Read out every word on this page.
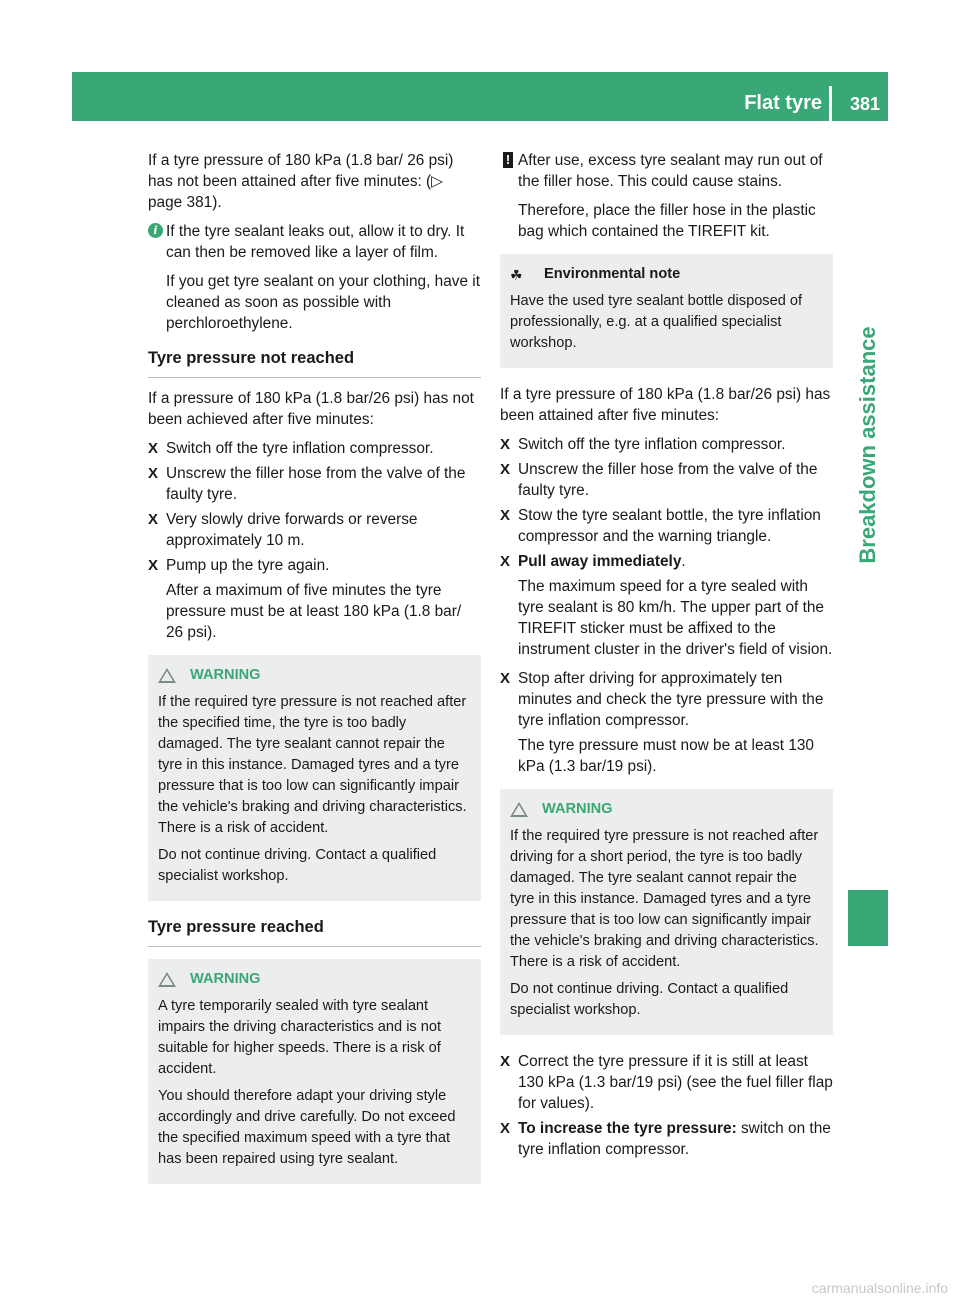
Flat tyre 381
Breakdown assistance

If a tyre pressure of 180 kPa (1.8 bar/ 26 psi) has not been attained after five minutes: (▷ page 381).

i If the tyre sealant leaks out, allow it to dry. It can then be removed like a layer of film.

If you get tyre sealant on your clothing, have it cleaned as soon as possible with perchloroethylene.

Tyre pressure not reached

If a pressure of 180 kPa (1.8 bar/26 psi) has not been achieved after five minutes:

X Switch off the tyre inflation compressor.
X Unscrew the filler hose from the valve of the faulty tyre.
X Very slowly drive forwards or reverse approximately 10 m.
X Pump up the tyre again.

After a maximum of five minutes the tyre pressure must be at least 180 kPa (1.8 bar/ 26 psi).

WARNING

If the required tyre pressure is not reached after the specified time, the tyre is too badly damaged. The tyre sealant cannot repair the tyre in this instance. Damaged tyres and a tyre pressure that is too low can significantly impair the vehicle's braking and driving characteristics. There is a risk of accident.

Do not continue driving. Contact a qualified specialist workshop.

Tyre pressure reached
WARNING

A tyre temporarily sealed with tyre sealant impairs the driving characteristics and is not suitable for higher speeds. There is a risk of accident.

You should therefore adapt your driving style accordingly and drive carefully. Do not exceed the specified maximum speed with a tyre that has been repaired using tyre sealant.

! After use, excess tyre sealant may run out of the filler hose. This could cause stains.

Therefore, place the filler hose in the plastic bag which contained the TIREFIT kit.

☘ Environmental note

Have the used tyre sealant bottle disposed of professionally, e.g. at a qualified specialist workshop.

If a tyre pressure of 180 kPa (1.8 bar/26 psi) has been attained after five minutes:

X Switch off the tyre inflation compressor.
X Unscrew the filler hose from the valve of the faulty tyre.
X Stow the tyre sealant bottle, the tyre inflation compressor and the warning triangle.
X Pull away immediately.

The maximum speed for a tyre sealed with tyre sealant is 80 km/h. The upper part of the TIREFIT sticker must be affixed to the instrument cluster in the driver's field of vision.

X Stop after driving for approximately ten minutes and check the tyre pressure with the tyre inflation compressor.

The tyre pressure must now be at least 130 kPa (1.3 bar/19 psi).

WARNING

If the required tyre pressure is not reached after driving for a short period, the tyre is too badly damaged. The tyre sealant cannot repair the tyre in this instance. Damaged tyres and a tyre pressure that is too low can significantly impair the vehicle's braking and driving characteristics. There is a risk of accident.

Do not continue driving. Contact a qualified specialist workshop.

X Correct the tyre pressure if it is still at least 130 kPa (1.3 bar/19 psi) (see the fuel filler flap for values).
X To increase the tyre pressure: switch on the tyre inflation compressor.
carmanualsonline.info
